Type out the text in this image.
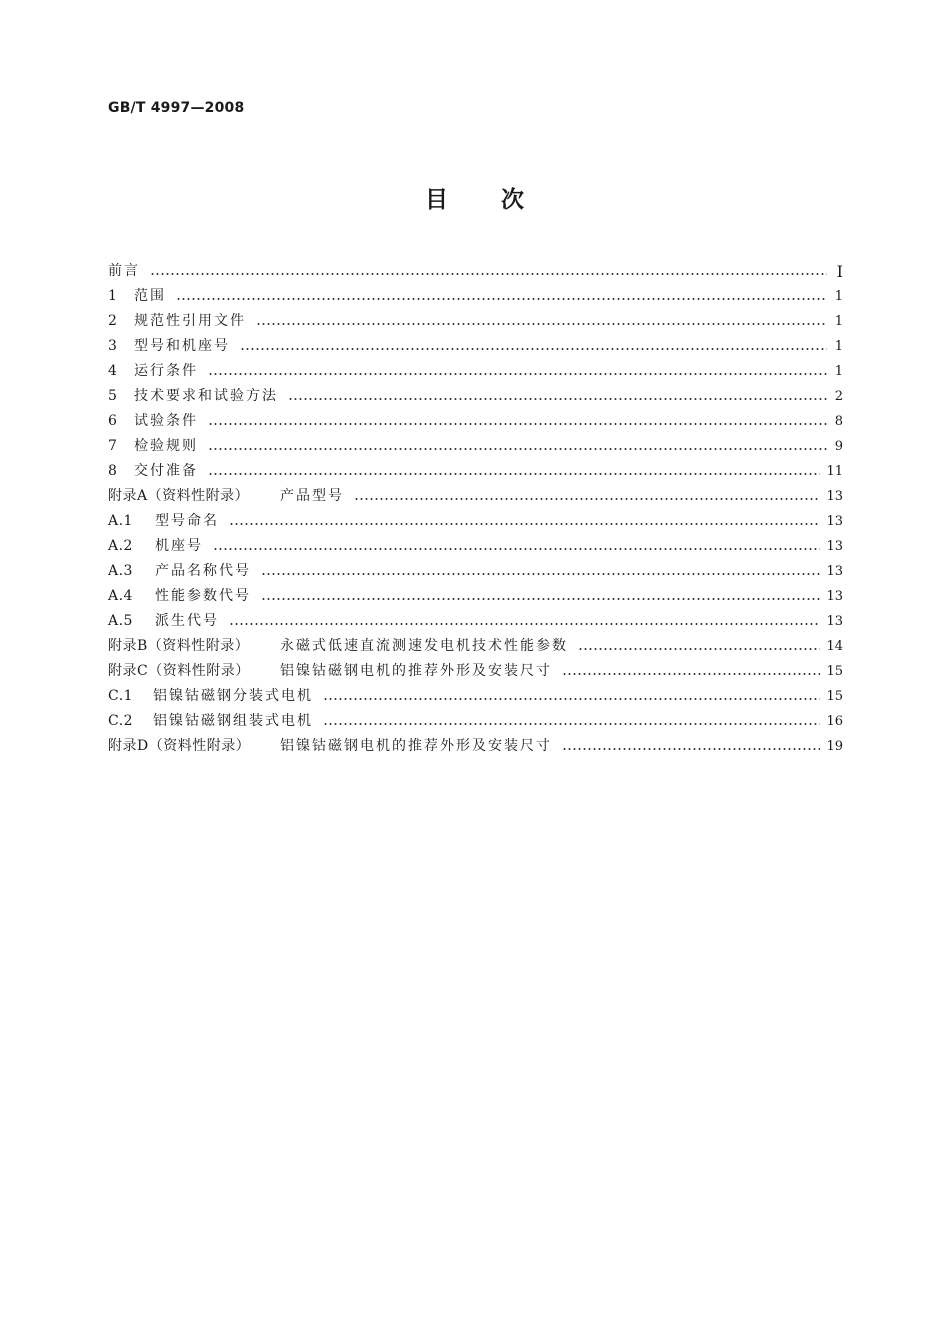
GB/T 4997—2008
目 次
前言	Ⅰ
1	范围	1
2	规范性引用文件	1
3	型号和机座号	1
4	运行条件	1
5	技术要求和试验方法	2
6	试验条件	8
7	检验规则	9
8	交付准备	11
附录A（资料性附录）	产品型号	13
A.1	型号命名	13
A.2	机座号	13
A.3	产品名称代号	13
A.4	性能参数代号	13
A.5	派生代号	13
附录B（资料性附录）	永磁式低速直流测速发电机技术性能参数	14
附录C（资料性附录）	铝镍钴磁钢电机的推荐外形及安装尺寸	15
C.1	铝镍钴磁钢分装式电机	15
C.2	铝镍钴磁钢组装式电机	16
附录D（资料性附录）	铝镍钴磁钢电机的推荐外形及安装尺寸	19
